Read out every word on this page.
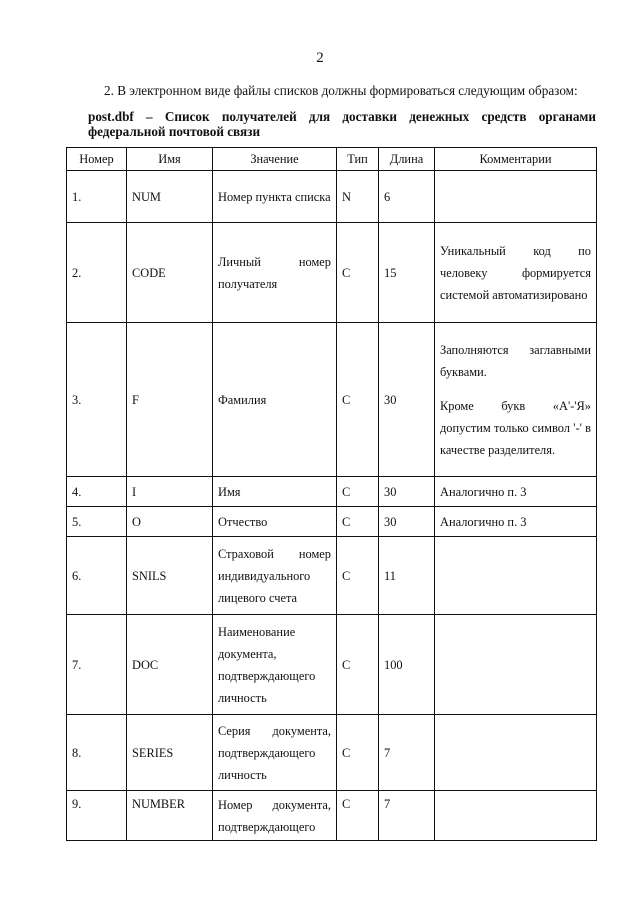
2
2. В электронном виде файлы списков должны формироваться следующим образом:
post.dbf – Список получателей для доставки денежных средств органами федеральной почтовой связи
Номер	Имя	Значение	Тип	Длина	Комментарии
1.	NUM	Номер пункта списка	N	6	
2.	CODE	Личный номер получателя	C	15	Уникальный код по человеку формируется системой автоматизировано

3.	F	Фамилия	C	30	Заполняются заглавными буквами.

Кроме букв «А'-'Я» допустим только символ '-' в качестве разделителя.

4.	I	Имя	C	30	Аналогично п. 3

5.	O	Отчество	C	30	Аналогично п. 3

6.	SNILS	Страховой номер индивидуального лицевого счета	C	11	
7.	DOC	Наименование документа, подтверждающего личность	C	100	
8.	SERIES	Серия документа, подтверждающего личность	C	7	
9.	NUMBER	Номер документа, подтверждающего	C	7	
